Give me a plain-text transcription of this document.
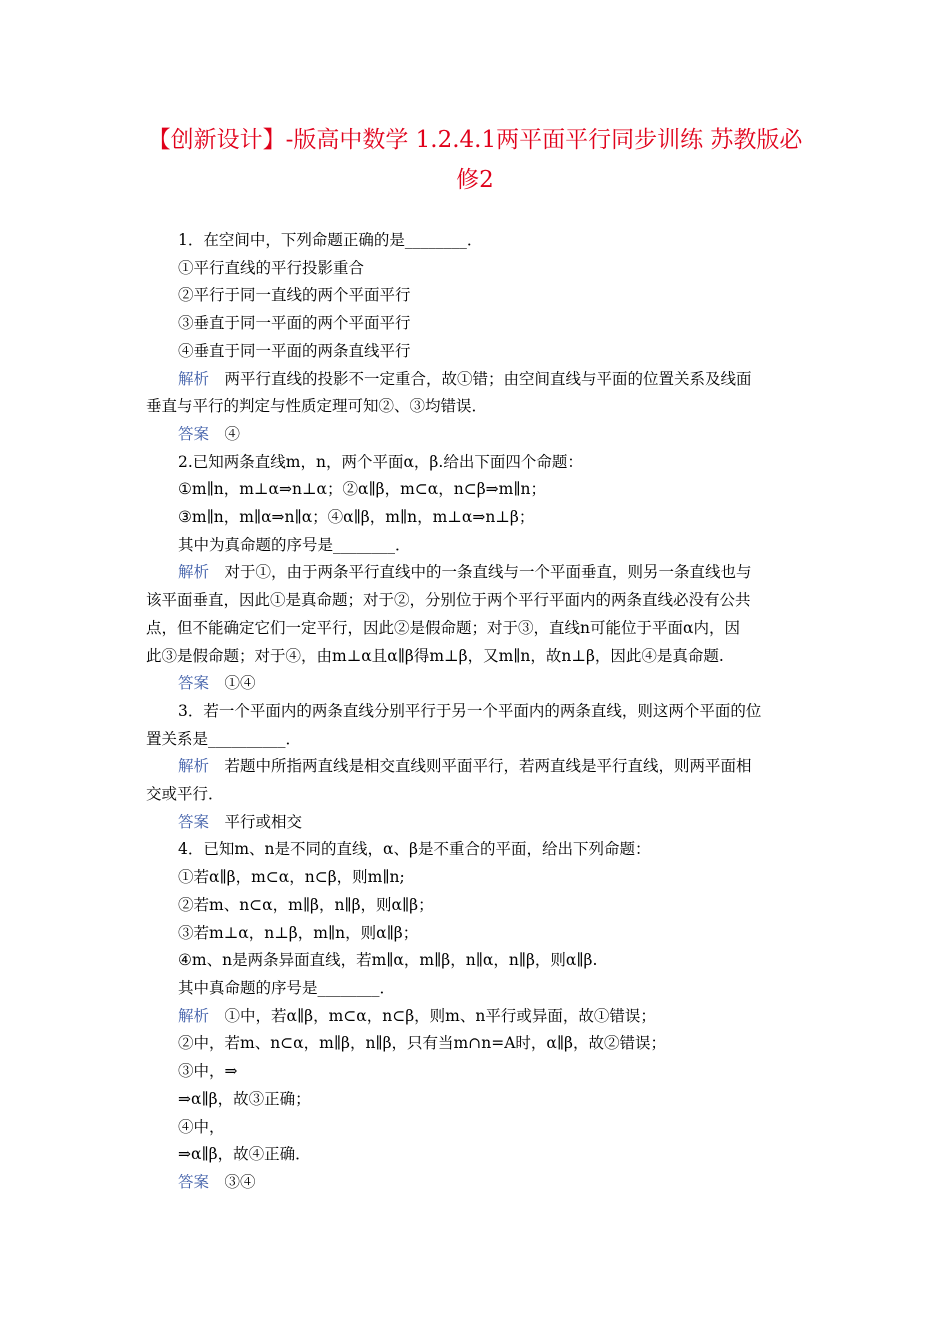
【创新设计】-版高中数学 1.2.4.1两平面平行同步训练 苏教版必
修2

1．在空间中，下列命题正确的是________．

①平行直线的平行投影重合

②平行于同一直线的两个平面平行

③垂直于同一平面的两个平面平行

④垂直于同一平面的两条直线平行

解析　两平行直线的投影不一定重合，故①错；由空间直线与平面的位置关系及线面

垂直与平行的判定与性质定理可知②、③均错误．

答案　④

2.已知两条直线m，n，两个平面α，β.给出下面四个命题：

①m∥n，m⊥α⇒n⊥α；②α∥β，m⊂α，n⊂β⇒m∥n；

③m∥n，m∥α⇒n∥α；④α∥β，m∥n，m⊥α⇒n⊥β；

其中为真命题的序号是________．

解析　对于①，由于两条平行直线中的一条直线与一个平面垂直，则另一条直线也与

该平面垂直，因此①是真命题；对于②，分别位于两个平行平面内的两条直线必没有公共

点，但不能确定它们一定平行，因此②是假命题；对于③，直线n可能位于平面α内，因

此③是假命题；对于④，由m⊥α且α∥β得m⊥β，又m∥n，故n⊥β，因此④是真命题.

答案　①④

3．若一个平面内的两条直线分别平行于另一个平面内的两条直线，则这两个平面的位

置关系是__________．

解析　若题中所指两直线是相交直线则平面平行，若两直线是平行直线，则两平面相

交或平行．

答案　平行或相交

4．已知m、n是不同的直线，α、β是不重合的平面，给出下列命题：

①若α∥β，m⊂α，n⊂β，则m∥n;

②若m、n⊂α，m∥β，n∥β，则α∥β；

③若m⊥α，n⊥β，m∥n，则α∥β；

④m、n是两条异面直线，若m∥α，m∥β，n∥α，n∥β，则α∥β.

其中真命题的序号是________．

解析　①中，若α∥β，m⊂α，n⊂β，则m、n平行或异面，故①错误；

②中，若m、n⊂α，m∥β，n∥β，只有当m∩n=A时，α∥β，故②错误；

③中，⇒

⇒α∥β，故③正确；

④中，

⇒α∥β，故④正确．

答案　③④
